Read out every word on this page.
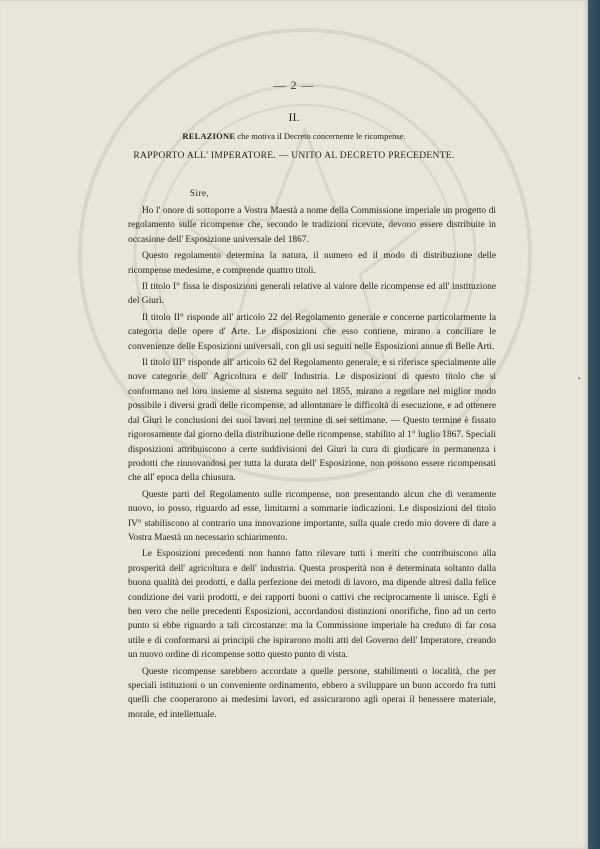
— 2 —
II.
RELAZIONE che motiva il Decreto concernente le ricompense.
RAPPORTO ALL' IMPERATORE. — UNITO AL DECRETO PRECEDENTE.
Sire,

Ho l' onore di sottoporre a Vostra Maestà a nome della Commissione imperiale un progetto di regolamento sulle ricompense che, secondo le tradizioni ricevute, devono essere distribuite in occasione dell' Esposizione universale del 1867.

Questo regolamento determina la natura, il numero ed il modo di distribuzione delle ricompense medesime, e comprende quattro titoli.

Il titolo I° fissa le disposizioni generali relative al valore delle ricompense ed all' instituzione del Giurì.

Il titolo II° risponde all' articolo 22 del Regolamento generale e concerne particolarmente la categoria delle opere d' Arte. Le disposizioni che esso contiene, mirano a conciliare le convenienze delle Esposizioni universali, con gli usi seguiti nelle Esposizioni annue di Belle Arti.

Il titolo III° risponde all' articolo 62 del Regolamento generale, e si riferisce specialmente alle nove categorie dell' Agricoltura e dell' Industria. Le disposizioni di questo titolo che si conformano nel loro insieme al sistema seguito nel 1855, mirano a regolare nel miglior modo possibile i diversi gradi delle ricompense, ad allontanare le difficoltà di esecuzione, e ad ottenere dal Giurì le conclusioni dei suoi lavori nel termine di sei settimane. — Questo termine è fissato rigorosamente dal giorno della distribuzione delle ricompense, stabilito al 1° luglio 1867. Speciali disposizioni attribuiscono a certe suddivisioni del Giurì la cura di giudicare in permanenza i prodotti che rinnovandosi per tutta la durata dell' Esposizione, non possono essere ricompensati che all' epoca della chiusura.

Queste parti del Regolamento sulle ricompense, non presentando alcun che di veramente nuovo, io posso, riguardo ad esse, limitarmi a sommarie indicazioni. Le disposizioni del titolo IV° stabiliscono al contrario una innovazione importante, sulla quale credo mio dovere di dare a Vostra Maestà un necessario schiarimento.

Le Esposizioni precedenti non hanno fatto rilevare tutti i meriti che contribuiscono alla prosperità dell' agricoltura e dell' industria. Questa prosperità non è determinata soltanto dalla buona qualità dei prodotti, e dalla perfezione dei metodi di lavoro, ma dipende altresì dalla felice condizione dei varii prodotti, e dei rapporti buoni o cattivi che reciprocamente li unisce. Egli è ben vero che nelle precedenti Esposizioni, accordandosi distinzioni onorifiche, fino ad un certo punto si ebbe riguardo a tali circostanze: ma la Commissione imperiale ha creduto di far cosa utile e di conformarsi ai principii che ispirarono molti atti del Governo dell' Imperatore, creando un nuovo ordine di ricompense sotto questo punto di vista.

Queste ricompense sarebbero accordate a quelle persone, stabilimenti o località, che per speciali istituzioni o un conveniente ordinamento, ebbero a sviluppare un buon accordo fra tutti quelli che cooperarono ai medesimi lavori, ed assicurarono agli operai il benessere materiale, morale, ed intellettuale.

•
